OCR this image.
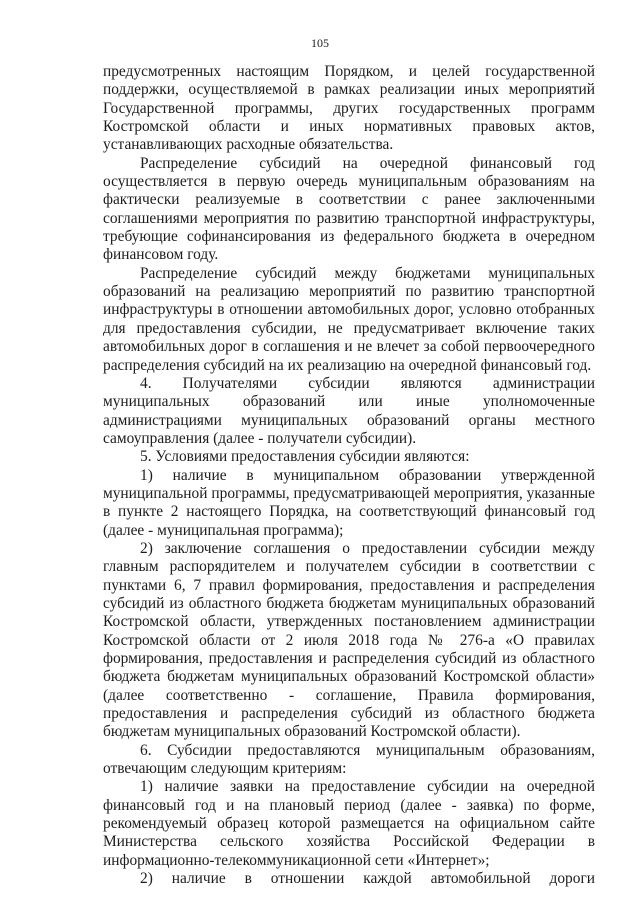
105

предусмотренных настоящим Порядком, и целей государственной поддержки, осуществляемой в рамках реализации иных мероприятий Государственной программы, других государственных программ Костромской области и иных нормативных правовых актов, устанавливающих расходные обязательства.

Распределение субсидий на очередной финансовый год осуществляется в первую очередь муниципальным образованиям на фактически реализуемые в соответствии с ранее заключенными соглашениями мероприятия по развитию транспортной инфраструктуры, требующие софинансирования из федерального бюджета в очередном финансовом году.

Распределение субсидий между бюджетами муниципальных образований на реализацию мероприятий по развитию транспортной инфраструктуры в отношении автомобильных дорог, условно отобранных для предоставления субсидии, не предусматривает включение таких автомобильных дорог в соглашения и не влечет за собой первоочередного распределения субсидий на их реализацию на очередной финансовый год.

4. Получателями субсидии являются администрации муниципальных образований или иные уполномоченные администрациями муниципальных образований органы местного самоуправления (далее - получатели субсидии).

5. Условиями предоставления субсидии являются:

1) наличие в муниципальном образовании утвержденной муниципальной программы, предусматривающей мероприятия, указанные в пункте 2 настоящего Порядка, на соответствующий финансовый год (далее - муниципальная программа);

2) заключение соглашения о предоставлении субсидии между главным распорядителем и получателем субсидии в соответствии с пунктами 6, 7 правил формирования, предоставления и распределения субсидий из областного бюджета бюджетам муниципальных образований Костромской области, утвержденных постановлением администрации Костромской области от 2 июля 2018 года № 276-а «О правилах формирования, предоставления и распределения субсидий из областного бюджета бюджетам муниципальных образований Костромской области» (далее соответственно - соглашение, Правила формирования, предоставления и распределения субсидий из областного бюджета бюджетам муниципальных образований Костромской области).

6. Субсидии предоставляются муниципальным образованиям, отвечающим следующим критериям:

1) наличие заявки на предоставление субсидии на очередной финансовый год и на плановый период (далее - заявка) по форме, рекомендуемый образец которой размещается на официальном сайте Министерства сельского хозяйства Российской Федерации в информационно-телекоммуникационной сети «Интернет»;

2) наличие в отношении каждой автомобильной дороги
